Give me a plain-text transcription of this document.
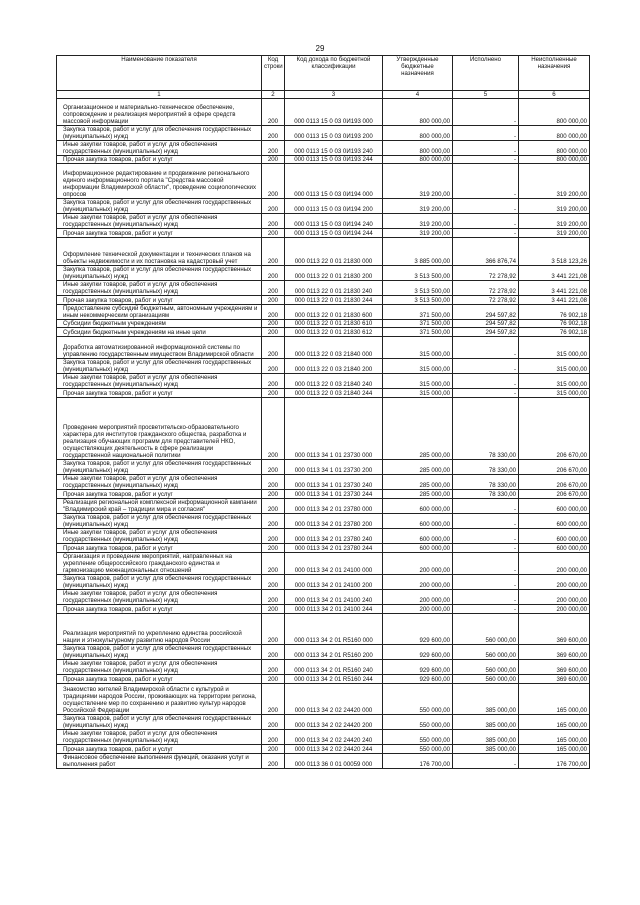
29
Наименование показателя	Код строки	Код дохода по бюджетной классификации	Утвержденные бюджетные назначения	Исполнено	Неисполненные назначения
1	2	3	4	5	6
Организационное и материально-техническое обеспечение, сопровождение и реализация мероприятий в сфере средств массовой информации	200	000 0113 15 0 03 0И193 000	800 000,00	-	800 000,00
Закупка товаров, работ и услуг для обеспечения государственных (муниципальных) нужд	200	000 0113 15 0 03 0И193 200	800 000,00	-	800 000,00
Иные закупки товаров, работ и услуг для обеспечения государственных (муниципальных) нужд	200	000 0113 15 0 03 0И193 240	800 000,00	-	800 000,00
Прочая закупка товаров, работ и услуг	200	000 0113 15 0 03 0И193 244	800 000,00	-	800 000,00
Информационное редактирование и продвижение регионального единого информационного портала "Средства массовой информации Владимирской области", проведение социологических опросов	200	000 0113 15 0 03 0И194 000	319 200,00	-	319 200,00
Закупка товаров, работ и услуг для обеспечения государственных (муниципальных) нужд	200	000 0113 15 0 03 0И194 200	319 200,00	-	319 200,00
Иные закупки товаров, работ и услуг для обеспечения государственных (муниципальных) нужд	200	000 0113 15 0 03 0И194 240	319 200,00	-	319 200,00
Прочая закупка товаров, работ и услуг	200	000 0113 15 0 03 0И194 244	319 200,00	-	319 200,00
Оформление технической документации и технических планов на объекты недвижимости и их постановка на кадастровый учет	200	000 0113 22 0 01 21830 000	3 885 000,00	366 876,74	3 518 123,26
Закупка товаров, работ и услуг для обеспечения государственных (муниципальных) нужд	200	000 0113 22 0 01 21830 200	3 513 500,00	72 278,92	3 441 221,08
Иные закупки товаров, работ и услуг для обеспечения государственных (муниципальных) нужд	200	000 0113 22 0 01 21830 240	3 513 500,00	72 278,92	3 441 221,08
Прочая закупка товаров, работ и услуг	200	000 0113 22 0 01 21830 244	3 513 500,00	72 278,92	3 441 221,08
Предоставление субсидий бюджетным, автономным учреждениям и иным некоммерческим организациям	200	000 0113 22 0 01 21830 600	371 500,00	294 597,82	76 902,18
Субсидии бюджетным учреждениям	200	000 0113 22 0 01 21830 610	371 500,00	294 597,82	76 902,18
Субсидии бюджетным учреждениям на иные цели	200	000 0113 22 0 01 21830 612	371 500,00	294 597,82	76 902,18
Доработка автоматизированной информационной системы по управлению государственным имуществом Владимирской области	200	000 0113 22 0 03 21840 000	315 000,00	-	315 000,00
Закупка товаров, работ и услуг для обеспечения государственных (муниципальных) нужд	200	000 0113 22 0 03 21840 200	315 000,00	-	315 000,00
Иные закупки товаров, работ и услуг для обеспечения государственных (муниципальных) нужд	200	000 0113 22 0 03 21840 240	315 000,00	-	315 000,00
Прочая закупка товаров, работ и услуг	200	000 0113 22 0 03 21840 244	315 000,00	-	315 000,00
Проведение мероприятий просветительско-образовательного характера для институтов гражданского общества, разработка и реализация обучающих программ для представителей НКО, осуществляющих деятельность в сфере реализации государственной национальной политики	200	000 0113 34 1 01 23730 000	285 000,00	78 330,00	206 670,00
Закупка товаров, работ и услуг для обеспечения государственных (муниципальных) нужд	200	000 0113 34 1 01 23730 200	285 000,00	78 330,00	206 670,00
Иные закупки товаров, работ и услуг для обеспечения государственных (муниципальных) нужд	200	000 0113 34 1 01 23730 240	285 000,00	78 330,00	206 670,00
Прочая закупка товаров, работ и услуг	200	000 0113 34 1 01 23730 244	285 000,00	78 330,00	206 670,00
Реализация региональной комплексной информационной кампании "Владимирский край – традиции мира и согласия"	200	000 0113 34 2 01 23780 000	600 000,00	-	600 000,00
Закупка товаров, работ и услуг для обеспечения государственных (муниципальных) нужд	200	000 0113 34 2 01 23780 200	600 000,00	-	600 000,00
Иные закупки товаров, работ и услуг для обеспечения государственных (муниципальных) нужд	200	000 0113 34 2 01 23780 240	600 000,00	-	600 000,00
Прочая закупка товаров, работ и услуг	200	000 0113 34 2 01 23780 244	600 000,00	-	600 000,00
Организация и проведение мероприятий, направленных на укрепление общероссийского гражданского единства и гармонизацию межнациональных отношений	200	000 0113 34 2 01 24100 000	200 000,00	-	200 000,00
Закупка товаров, работ и услуг для обеспечения государственных (муниципальных) нужд	200	000 0113 34 2 01 24100 200	200 000,00	-	200 000,00
Иные закупки товаров, работ и услуг для обеспечения государственных (муниципальных) нужд	200	000 0113 34 2 01 24100 240	200 000,00	-	200 000,00
Прочая закупка товаров, работ и услуг	200	000 0113 34 2 01 24100 244	200 000,00	-	200 000,00
Реализация мероприятий по укреплению единства российской нации и этнокультурному развитию народов России	200	000 0113 34 2 01 R5160 000	929 600,00	560 000,00	369 600,00
Закупка товаров, работ и услуг для обеспечения государственных (муниципальных) нужд	200	000 0113 34 2 01 R5160 200	929 600,00	560 000,00	369 600,00
Иные закупки товаров, работ и услуг для обеспечения государственных (муниципальных) нужд	200	000 0113 34 2 01 R5160 240	929 600,00	560 000,00	369 600,00
Прочая закупка товаров, работ и услуг	200	000 0113 34 2 01 R5160 244	929 600,00	560 000,00	369 600,00
Знакомство жителей Владимирской области с культурой и традициями народов России, проживающих на территории региона, осуществление мер по сохранению и развитию культур народов Российской Федерации	200	000 0113 34 2 02 24420 000	550 000,00	385 000,00	165 000,00
Закупка товаров, работ и услуг для обеспечения государственных (муниципальных) нужд	200	000 0113 34 2 02 24420 200	550 000,00	385 000,00	165 000,00
Иные закупки товаров, работ и услуг для обеспечения государственных (муниципальных) нужд	200	000 0113 34 2 02 24420 240	550 000,00	385 000,00	165 000,00
Прочая закупка товаров, работ и услуг	200	000 0113 34 2 02 24420 244	550 000,00	385 000,00	165 000,00
Финансовое обеспечение выполнения функций, оказания услуг и выполнения работ	200	000 0113 36 0 01 00059 000	176 700,00	-	176 700,00
